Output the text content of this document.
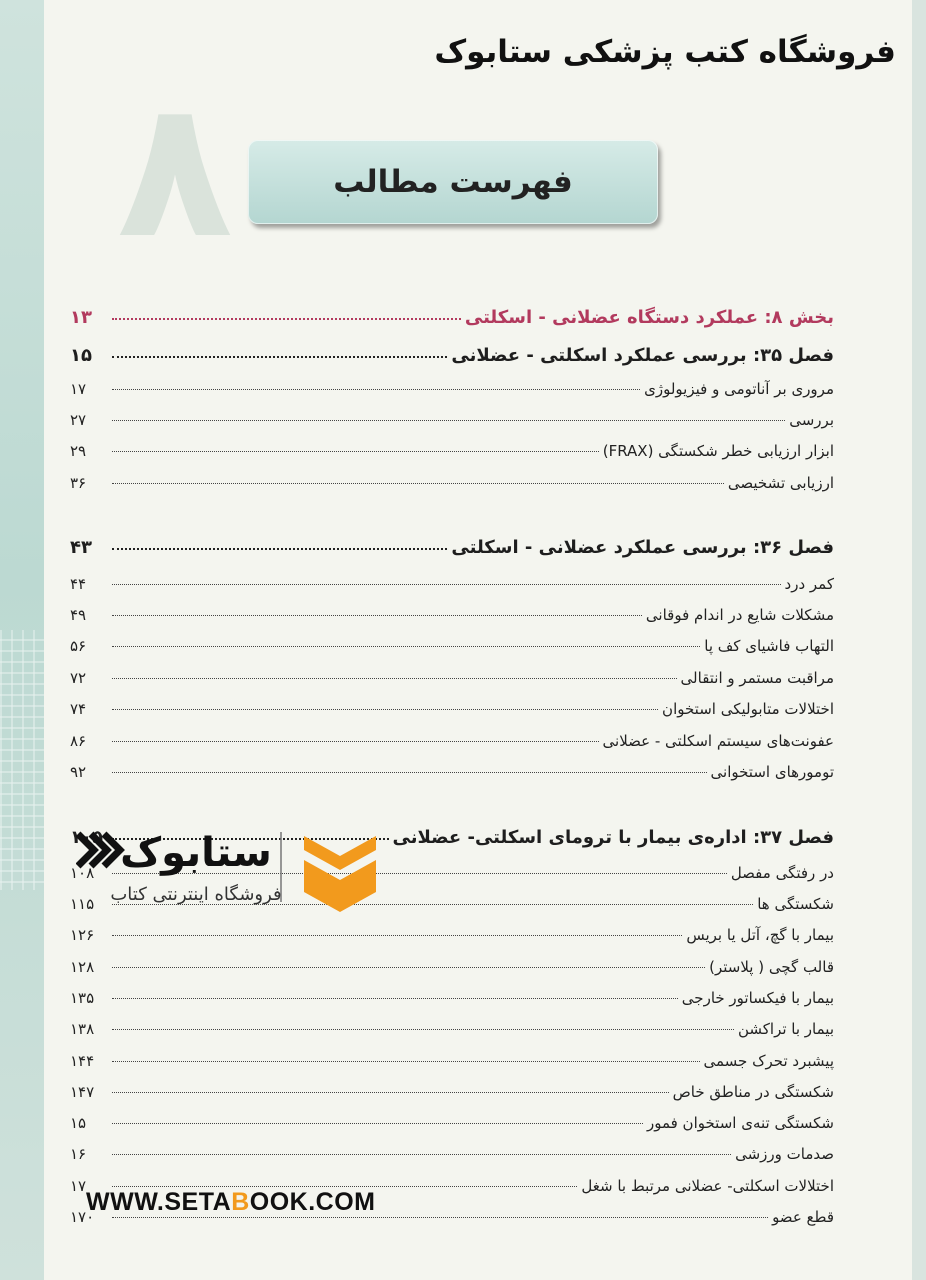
۸
فروشگاه کتب پزشکی ستابوک
فهرست مطالب
بخش ۸: عملکرد دستگاه عضلانی - اسکلتی
۱۳
فصل ۳۵: بررسی عملکرد اسکلتی - عضلانی
۱۵
مروری بر آناتومی و فیزیولوژی
۱۷
بررسی
۲۷
ابزار ارزیابی خطر شکستگی (FRAX)
۲۹
ارزیابی تشخیصی
۳۶
فصل ۳۶: بررسی عملکرد عضلانی - اسکلتی
۴۳
کمر درد
۴۴
مشکلات شایع در اندام فوقانی
۴۹
التهاب فاشیای کف پا
۵۶
مراقبت مستمر و انتقالی
۷۲
اختلالات متابولیکی استخوان
۷۴
عفونت‌های سیستم اسکلتی - عضلانی
۸۶
تومورهای استخوانی
۹۲
فصل ۳۷: اداره‌ی بیمار با ترومای اسکلتی- عضلانی
۱۰۵
در رفتگی مفصل
۱۰۸
شکستگی ها
۱۱۵
بیمار با گچ، آتل یا بریس
۱۲۶
قالب گچی ( پلاستر)
۱۲۸
بیمار با فیکساتور خارجی
۱۳۵
بیمار با تراکشن
۱۳۸
پیشبرد تحرک جسمی
۱۴۴
شکستگی در مناطق خاص
۱۴۷
شکستگی تنه‌ی استخوان فمور
۱۵
صدمات ورزشی
۱۶
اختلالات اسکلتی- عضلانی مرتبط با شغل
۱۷
قطع عضو
۱۷۰
ستابوک
فروشگاه اینترنتی کتاب
WWW.SETABOOK.COM
